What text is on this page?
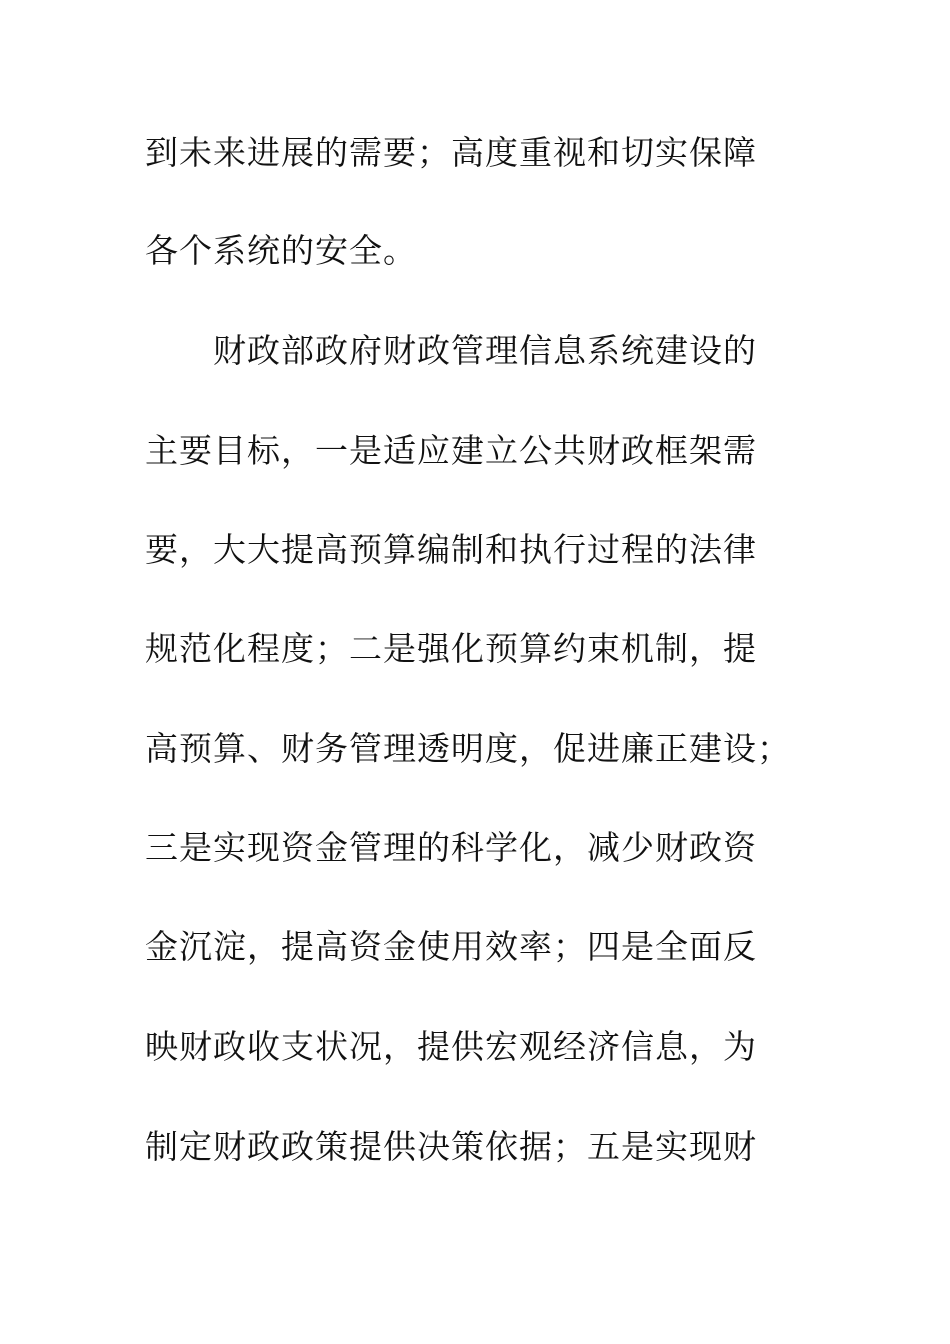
到未来进展的需要；高度重视和切实保障
各个系统的安全。
财政部政府财政管理信息系统建设的
主要目标，一是适应建立公共财政框架需
要，大大提高预算编制和执行过程的法律
规范化程度；二是强化预算约束机制，提
高预算、财务管理透明度，促进廉正建设；
三是实现资金管理的科学化，减少财政资
金沉淀，提高资金使用效率；四是全面反
映财政收支状况，提供宏观经济信息，为
制定财政政策提供决策依据；五是实现财
